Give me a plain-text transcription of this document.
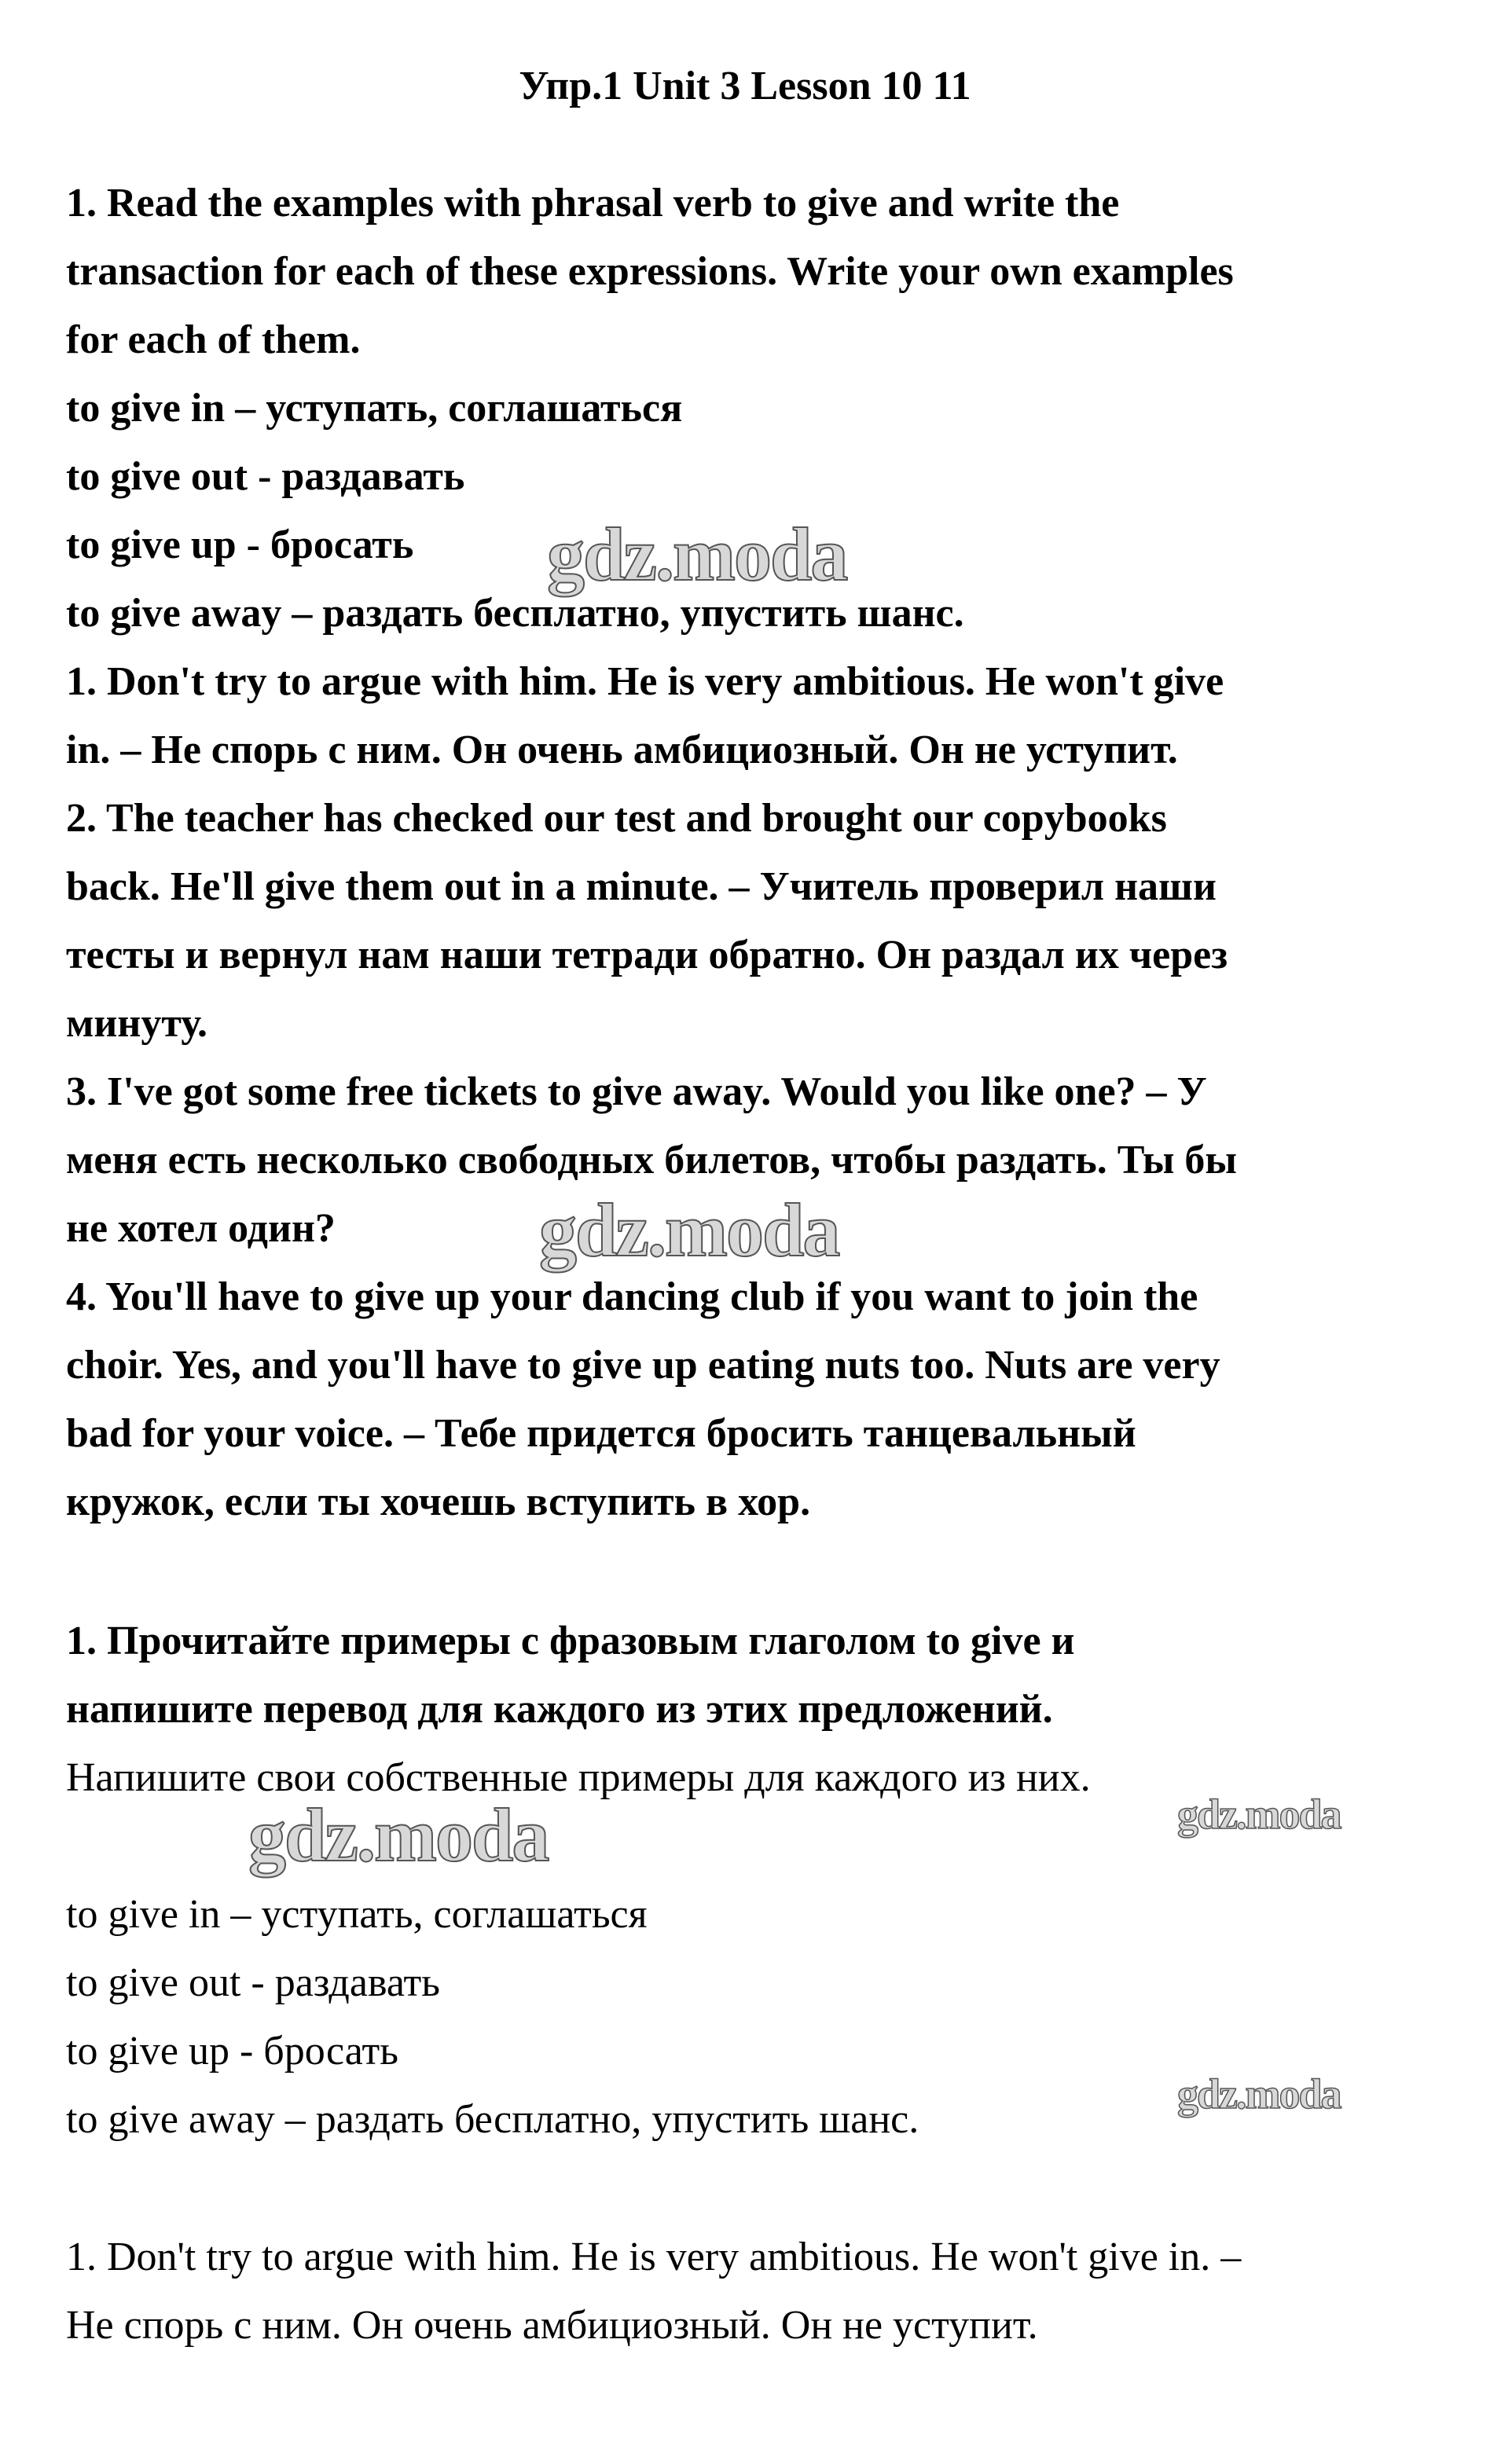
Упр.1 Unit 3 Lesson 10 11
1. Read the examples with phrasal verb to give and write the
transaction for each of these expressions. Write your own examples
for each of them.
to give in – уступать, соглашаться
to give out - раздавать
to give up - бросать
to give away – раздать бесплатно, упустить шанс.
1. Don't try to argue with him. He is very ambitious. He won't give
in. – Не спорь с ним. Он очень амбициозный. Он не уступит.
2. The teacher has checked our test and brought our copybooks
back. He'll give them out in a minute. – Учитель проверил наши
тесты и вернул нам наши тетради обратно. Он раздал их через
минуту.
3. I've got some free tickets to give away. Would you like one? – У
меня есть несколько свободных билетов, чтобы раздать. Ты бы
не хотел один?
4. You'll have to give up your dancing club if you want to join the
choir. Yes, and you'll have to give up eating nuts too. Nuts are very
bad for your voice. – Тебе придется бросить танцевальный
кружок, если ты хочешь вступить в хор.
1. Прочитайте примеры с фразовым глаголом to give и
напишите перевод для каждого из этих предложений.
Напишите свои собственные примеры для каждого из них.
to give in – уступать, соглашаться
to give out - раздавать
to give up - бросать
to give away – раздать бесплатно, упустить шанс.
1. Don't try to argue with him. He is very ambitious. He won't give in. –
Не спорь с ним. Он очень амбициозный. Он не уступит.
gdz.moda
gdz.moda
gdz.moda	gdz.moda
gdz.moda
